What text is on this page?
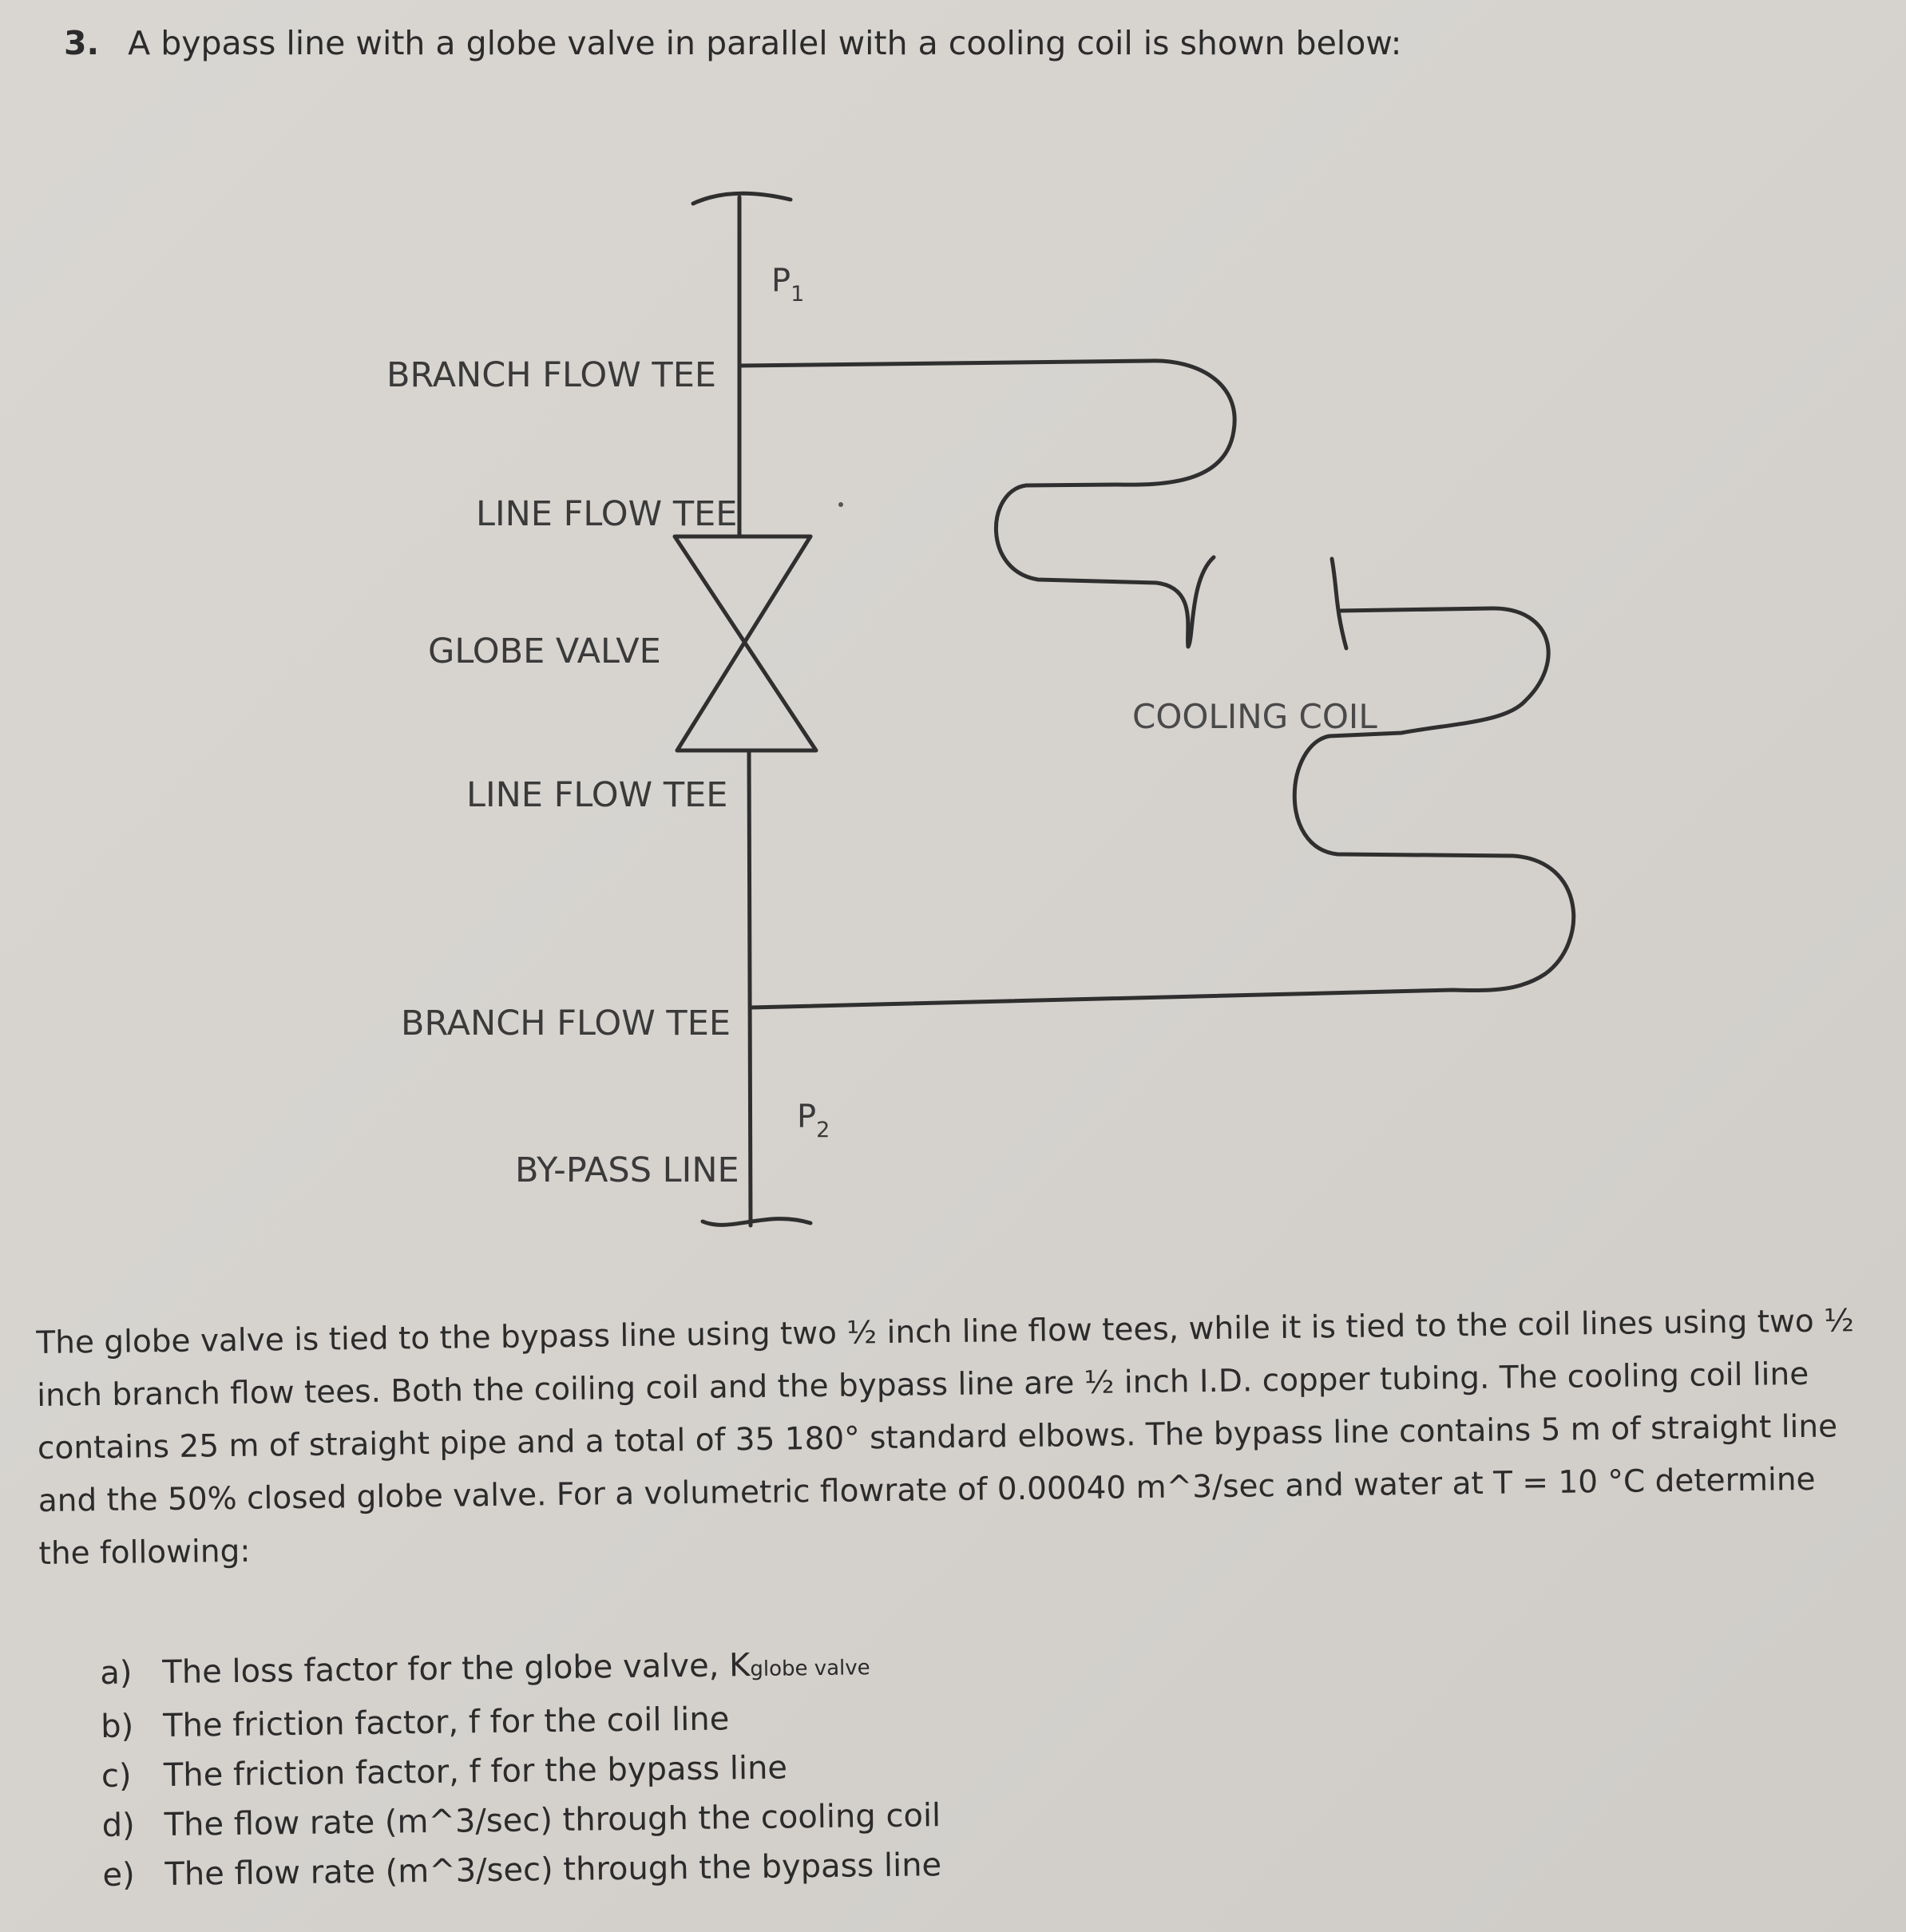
3. A bypass line with a globe valve in parallel with a cooling coil is shown below:
$P_1$
$P_2$
BRANCH FLOW TEE
LINE FLOW TEE
GLOBE VALVE
LINE FLOW TEE
BRANCH FLOW TEE
BY-PASS LINE
COOLING COIL

The globe valve is tied to the bypass line using two ½ inch line flow tees, while it is tied to the coil lines using two ½ inch branch flow tees. Both the coiling coil and the bypass line are ½ inch I.D. copper tubing. The cooling coil line contains 25 m of straight pipe and a total of 35 180° standard elbows. The bypass line contains 5 m of straight line and the 50% closed globe valve. For a volumetric flowrate of 0.00040 m^3/sec and water at T = 10 °C determine the following:

a) The loss factor for the globe valve, Kglobe valve
b) The friction factor, f for the coil line
c) The friction factor, f for the bypass line
d) The flow rate (m^3/sec) through the cooling coil
e) The flow rate (m^3/sec) through the bypass line
